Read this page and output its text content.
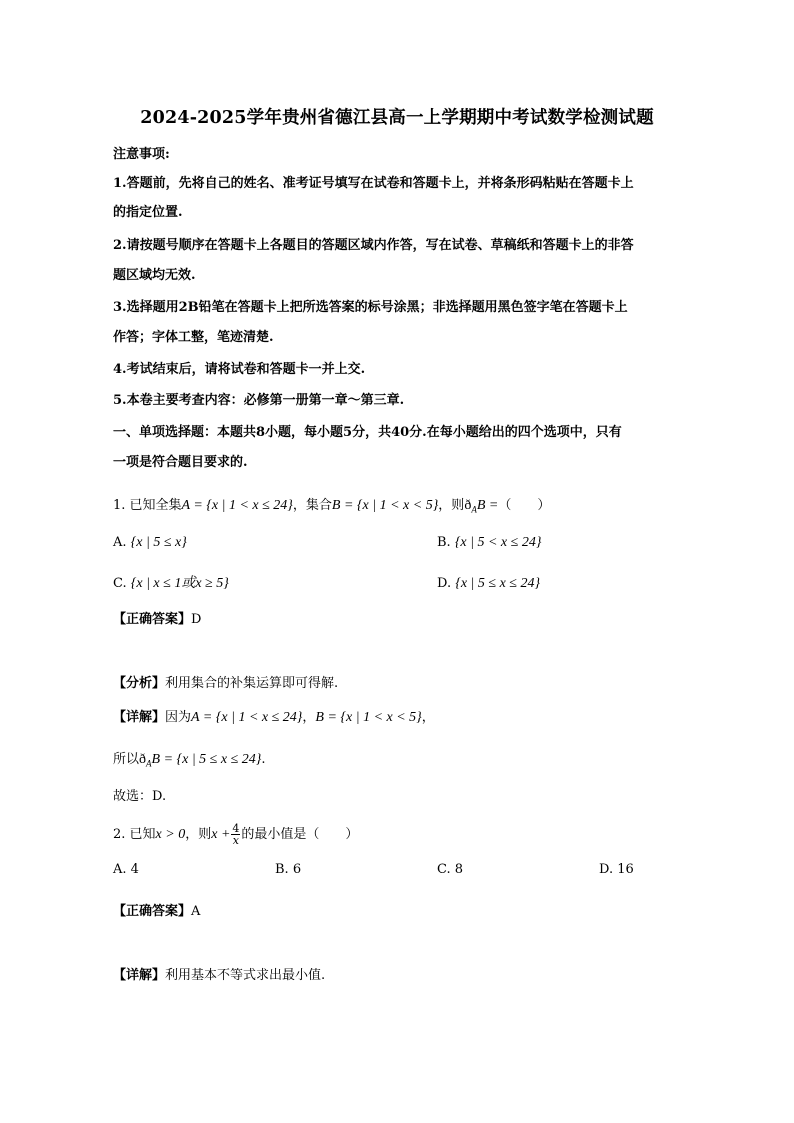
2024-2025学年贵州省德江县高一上学期期中考试数学检测试题
注意事项:
1.答题前，先将自己的姓名、准考证号填写在试卷和答题卡上，并将条形码粘贴在答题卡上
的指定位置.
2.请按题号顺序在答题卡上各题目的答题区域内作答，写在试卷、草稿纸和答题卡上的非答
题区域均无效.
3.选择题用2B铅笔在答题卡上把所选答案的标号涂黑；非选择题用黑色签字笔在答题卡上
作答；字体工整，笔迹清楚.
4.考试结束后，请将试卷和答题卡一并上交.
5.本卷主要考查内容：必修第一册第一章～第三章.
一、单项选择题：本题共8小题，每小题5分，共40分.在每小题给出的四个选项中，只有
一项是符合题目要求的.
1. 已知全集A = {x | 1 < x ≤ 24}，集合B = {x | 1 < x < 5}，则$ð_AB$ =（　　）
A. {x | 5 ≤ x}	B. {x | 5 < x ≤ 24}
C. {x | x ≤ 1或x ≥ 5}	D. {x | 5 ≤ x ≤ 24}
【正确答案】D
【分析】利用集合的补集运算即可得解.
【详解】因为A = {x | 1 < x ≤ 24}，B = {x | 1 < x < 5}，
所以$ð_AB = \{x$ | 5 ≤ x ≤ 24}.
故选：D.
2. 已知x > 0，则$x + \frac{4}{x}$ 的最小值是（　　）
A. 4	B. 6	C. 8	D. 16
【正确答案】A
【详解】利用基本不等式求出最小值.
